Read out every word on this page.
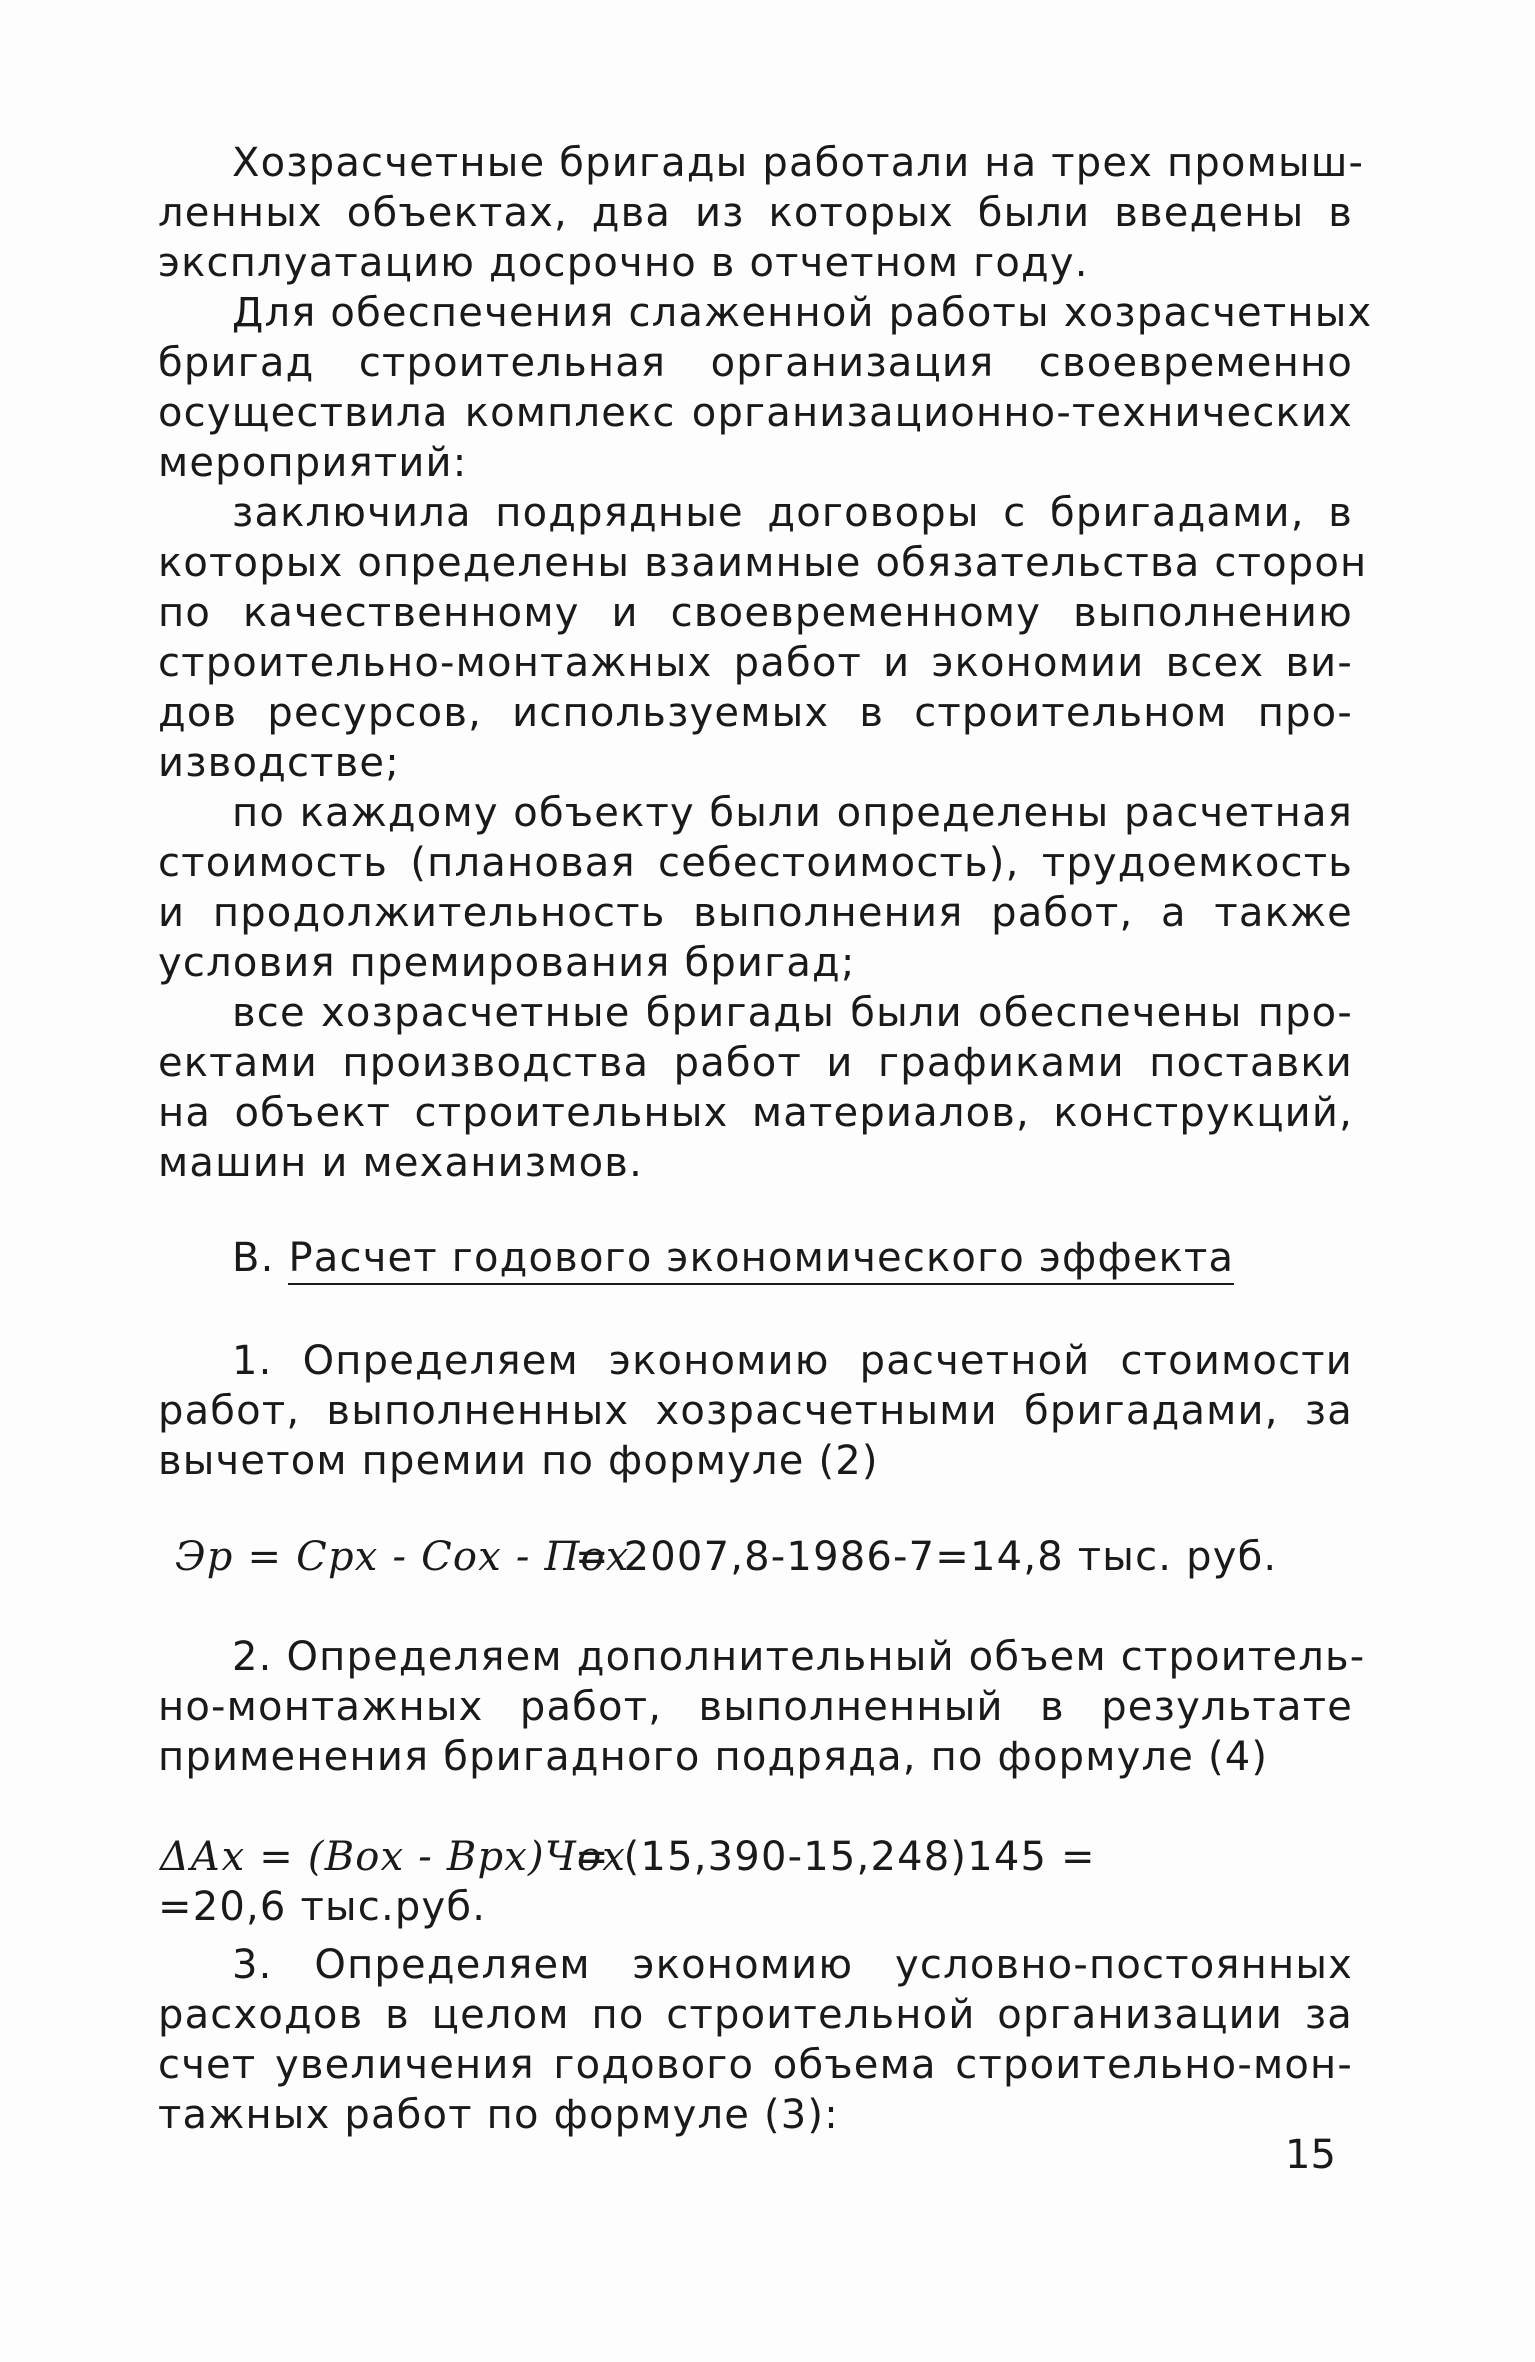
Хозрасчетные бригады работали на трех промыш-
ленных объектах, два из которых были введены в
эксплуатацию досрочно в отчетном году.
Для обеспечения слаженной работы хозрасчетных
бригад строительная организация своевременно
осуществила комплекс организационно-технических
мероприятий:
заключила подрядные договоры с бригадами, в
которых определены взаимные обязательства сторон
по качественному и своевременному выполнению
строительно-монтажных работ и экономии всех ви-
дов ресурсов, используемых в строительном про-
изводстве;
по каждому объекту были определены расчетная
стоимость (плановая себестоимость), трудоемкость
и продолжительность выполнения работ, а также
условия премирования бригад;
все хозрасчетные бригады были обеспечены про-
ектами производства работ и графиками поставки
на объект строительных материалов, конструкций,
машин и механизмов.
В. Расчет годового экономического эффекта
1. Определяем экономию расчетной стоимости
работ, выполненных хозрасчетными бригадами, за
вычетом премии по формуле (2)
Эр = Срх - Сох - Пох
= 2007,8-1986-7=14,8 тыс. руб.
2. Определяем дополнительный объем строитель-
но-монтажных работ, выполненный в результате
применения бригадного подряда, по формуле (4)
ΔАх = (Вох - Врх)Чох
= (15,390-15,248)145 =
=20,6 тыс.руб.
3. Определяем экономию условно-постоянных
расходов в целом по строительной организации за
счет увеличения годового объема строительно-мон-
тажных работ по формуле (3):
15
